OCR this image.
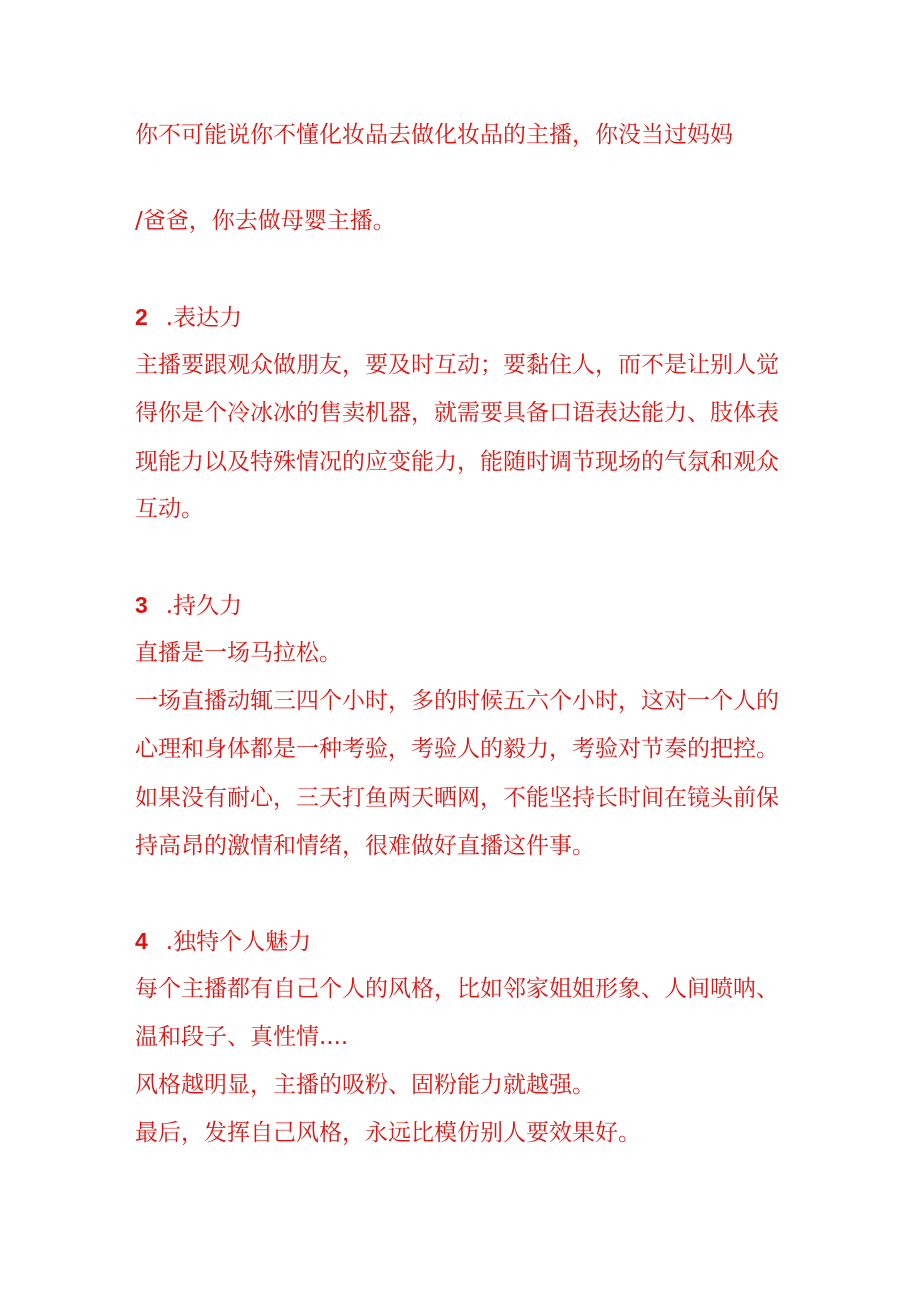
你不可能说你不懂化妆品去做化妆品的主播，你没当过妈妈
/爸爸，你去做母婴主播。
2 .表达力
主播要跟观众做朋友，要及时互动；要黏住人，而不是让别人觉
得你是个冷冰冰的售卖机器，就需要具备口语表达能力、肢体表
现能力以及特殊情况的应变能力，能随时调节现场的气氛和观众
互动。
3 .持久力
直播是一场马拉松。
一场直播动辄三四个小时，多的时候五六个小时，这对一个人的
心理和身体都是一种考验，考验人的毅力，考验对节奏的把控。
如果没有耐心，三天打鱼两天晒网，不能坚持长时间在镜头前保
持高昂的激情和情绪，很难做好直播这件事。
4 .独特个人魅力
每个主播都有自己个人的风格，比如邻家姐姐形象、人间喷呐、
温和段子、真性情....
风格越明显，主播的吸粉、固粉能力就越强。
最后，发挥自己风格，永远比模仿别人要效果好。
